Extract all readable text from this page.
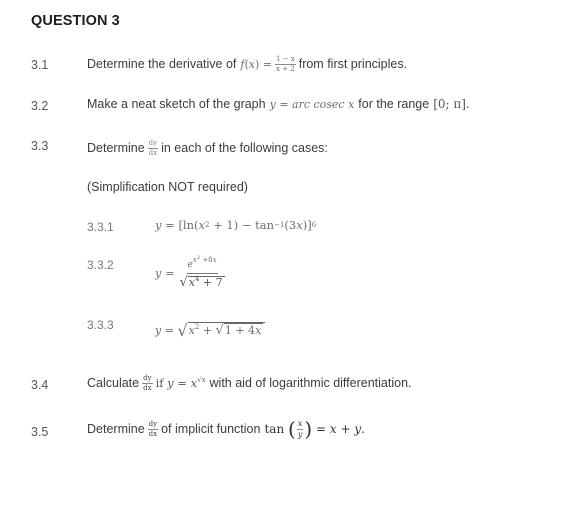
QUESTION 3
3.1	Determine the derivative of $f(x) = \frac{1 - x}{x + 2}$ from first principles.
3.2	Make a neat sketch of the graph y = arc cosec x for the range [0; π].
3.3	Determine $\frac{dy}{dx}$ in each of the following cases:
(Simplification NOT required)
3.3.1	y = [ln( x 2 + 1) − tan −1 (3 x )] 6
3.3.2
$y = \frac{e^{x^2 +8x}}{√x^4 + 7}$
3.3.3	y = √ $x^2 + √1 + 4x$
3.4	Calculate $\frac{dy}{dx}$ if $y = x^{√x}$ with aid of logarithmic differentiation.
3.5	Determine $\frac{dy}{dx}$ of implicit function tan ( $\frac{x}{y}$ ) = x + y .
